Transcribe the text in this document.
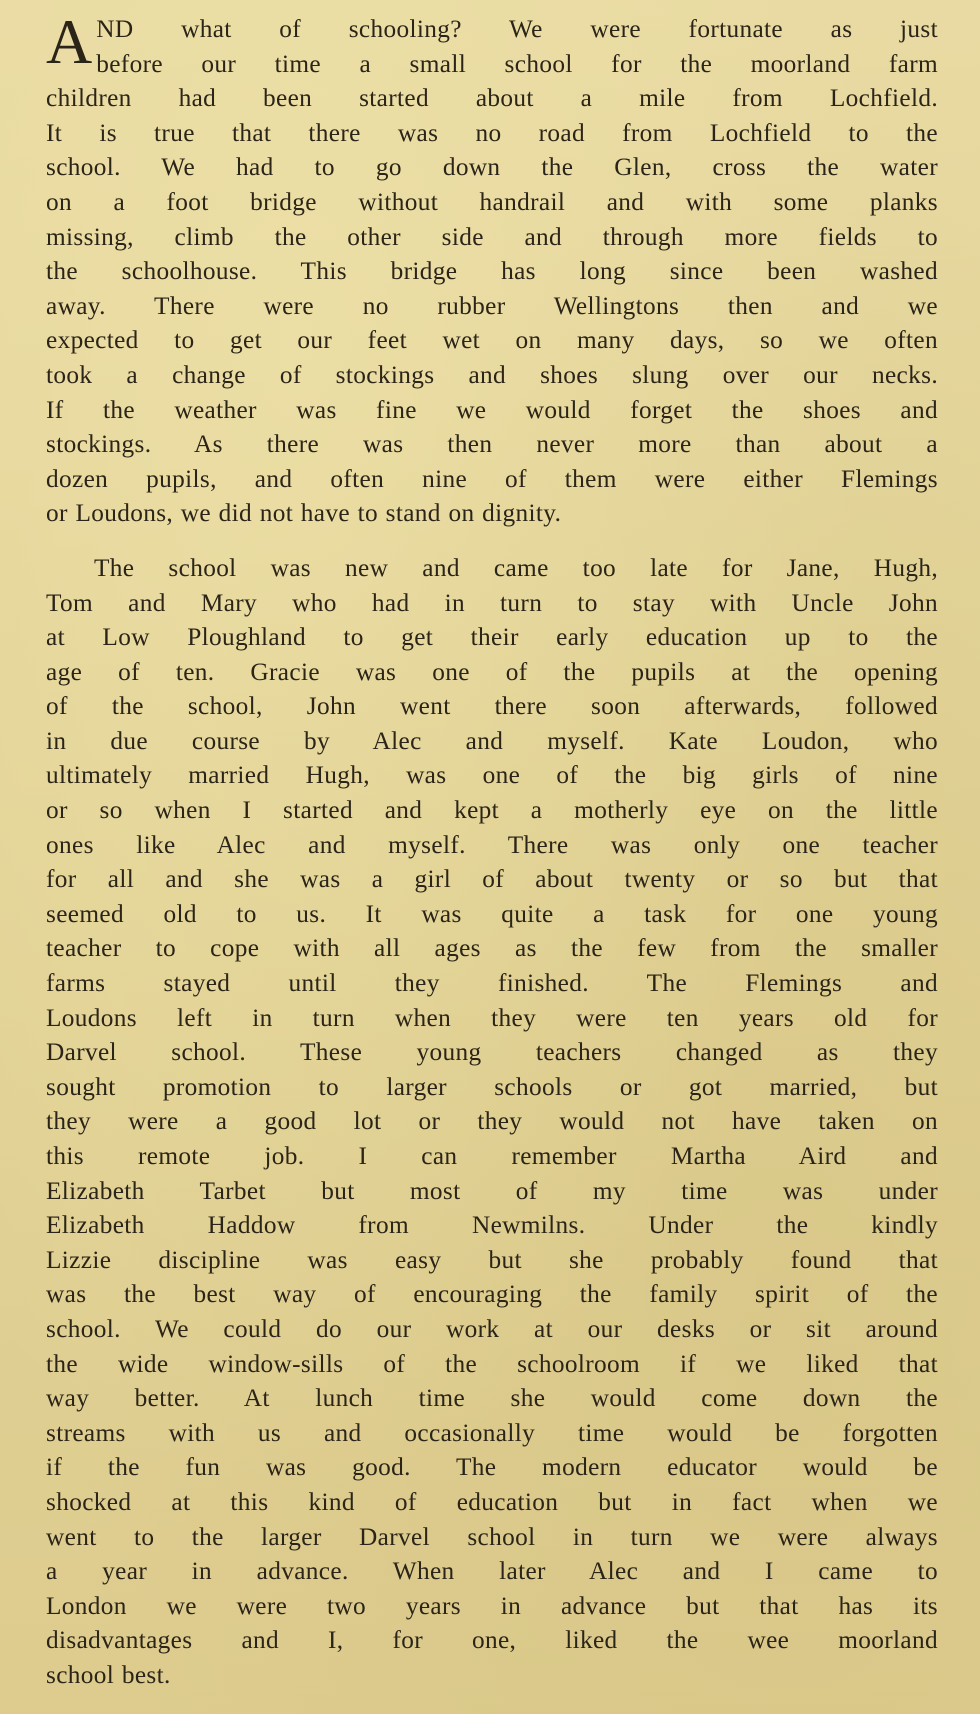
A ND what of schooling? We were fortunate as just
before our time a small school for the moorland farm
children had been started about a mile from Lochfield.
It is true that there was no road from Lochfield to the
school. We had to go down the Glen, cross the water
on a foot bridge without handrail and with some planks
missing, climb the other side and through more fields to
the schoolhouse. This bridge has long since been washed
away. There were no rubber Wellingtons then and we
expected to get our feet wet on many days, so we often
took a change of stockings and shoes slung over our necks.
If the weather was fine we would forget the shoes and
stockings. As there was then never more than about a
dozen pupils, and often nine of them were either Flemings
or Loudons, we did not have to stand on dignity.
The school was new and came too late for Jane, Hugh,
Tom and Mary who had in turn to stay with Uncle John
at Low Ploughland to get their early education up to the
age of ten. Gracie was one of the pupils at the opening
of the school, John went there soon afterwards, followed
in due course by Alec and myself. Kate Loudon, who
ultimately married Hugh, was one of the big girls of nine
or so when I started and kept a motherly eye on the little
ones like Alec and myself. There was only one teacher
for all and she was a girl of about twenty or so but that
seemed old to us. It was quite a task for one young
teacher to cope with all ages as the few from the smaller
farms stayed until they finished. The Flemings and
Loudons left in turn when they were ten years old for
Darvel school. These young teachers changed as they
sought promotion to larger schools or got married, but
they were a good lot or they would not have taken on
this remote job. I can remember Martha Aird and
Elizabeth Tarbet but most of my time was under
Elizabeth Haddow from Newmilns. Under the kindly
Lizzie discipline was easy but she probably found that
was the best way of encouraging the family spirit of the
school. We could do our work at our desks or sit around
the wide window-sills of the schoolroom if we liked that
way better. At lunch time she would come down the
streams with us and occasionally time would be forgotten
if the fun was good. The modern educator would be
shocked at this kind of education but in fact when we
went to the larger Darvel school in turn we were always
a year in advance. When later Alec and I came to
London we were two years in advance but that has its
disadvantages and I, for one, liked the wee moorland
school best.
